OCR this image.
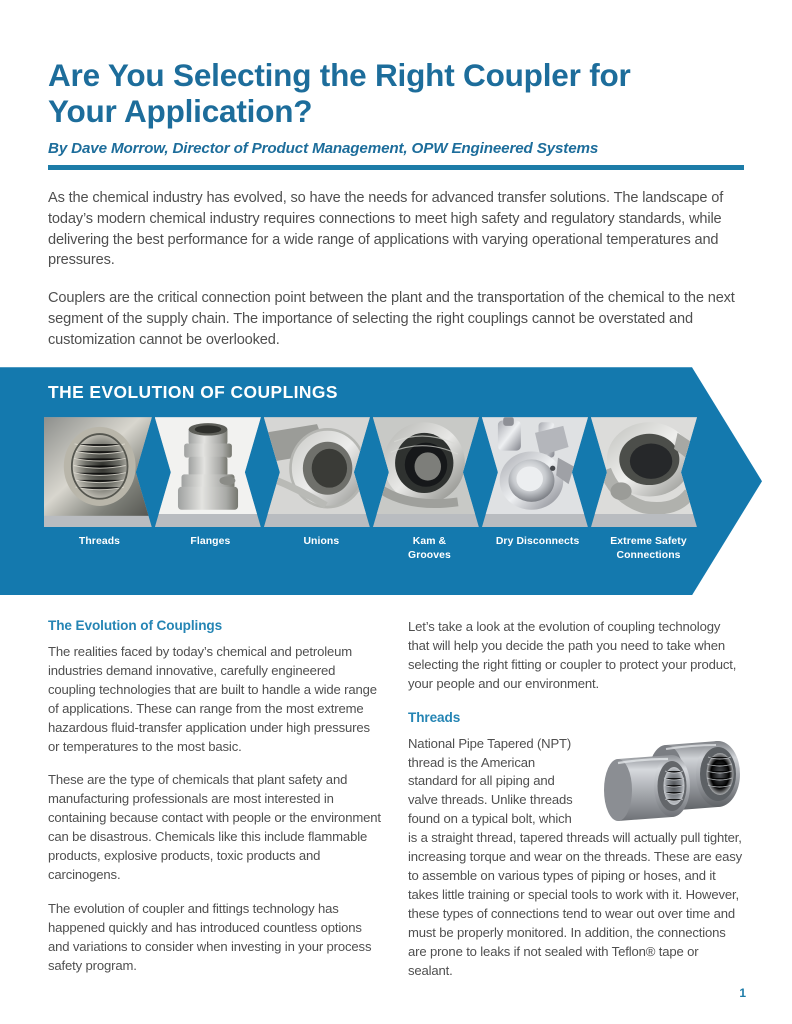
Are You Selecting the Right Coupler for Your Application?
By Dave Morrow, Director of Product Management, OPW Engineered Systems

As the chemical industry has evolved, so have the needs for advanced transfer solutions. The landscape of today’s modern chemical industry requires connections to meet high safety and regulatory standards, while delivering the best performance for a wide range of applications with varying operational temperatures and pressures.

Couplers are the critical connection point between the plant and the transportation of the chemical to the next segment of the supply chain. The importance of selecting the right couplings cannot be overstated and customization cannot be overlooked.

THE EVOLUTION OF COUPLINGS
Threads	Flanges	Unions	Kam &
Grooves
Dry Disconnects	Extreme Safety
Connections
The Evolution of Couplings

The realities faced by today’s chemical and petroleum industries demand innovative, carefully engineered coupling technologies that are built to handle a wide range of applications. These can range from the most extreme hazardous fluid-transfer application under high pressures or temperatures to the most basic.

These are the type of chemicals that plant safety and manufacturing professionals are most interested in containing because contact with people or the environment can be disastrous. Chemicals like this include flammable products, explosive products, toxic products and carcinogens.

The evolution of coupler and fittings technology has happened quickly and has introduced countless options and variations to consider when investing in your process safety program.

Let’s take a look at the evolution of coupling technology that will help you decide the path you need to take when selecting the right fitting or coupler to protect your product, your people and our environment.

Threads

National Pipe Tapered (NPT) thread is the American standard for all piping and valve threads. Unlike threads found on a typical bolt, which is a straight thread, tapered threads will actually pull tighter, increasing torque and wear on the threads. These are easy to assemble on various types of piping or hoses, and it takes little training or special tools to work with it. However, these types of connections tend to wear out over time and must be properly monitored. In addition, the connections are prone to leaks if not sealed with Teflon® tape or sealant.

1
